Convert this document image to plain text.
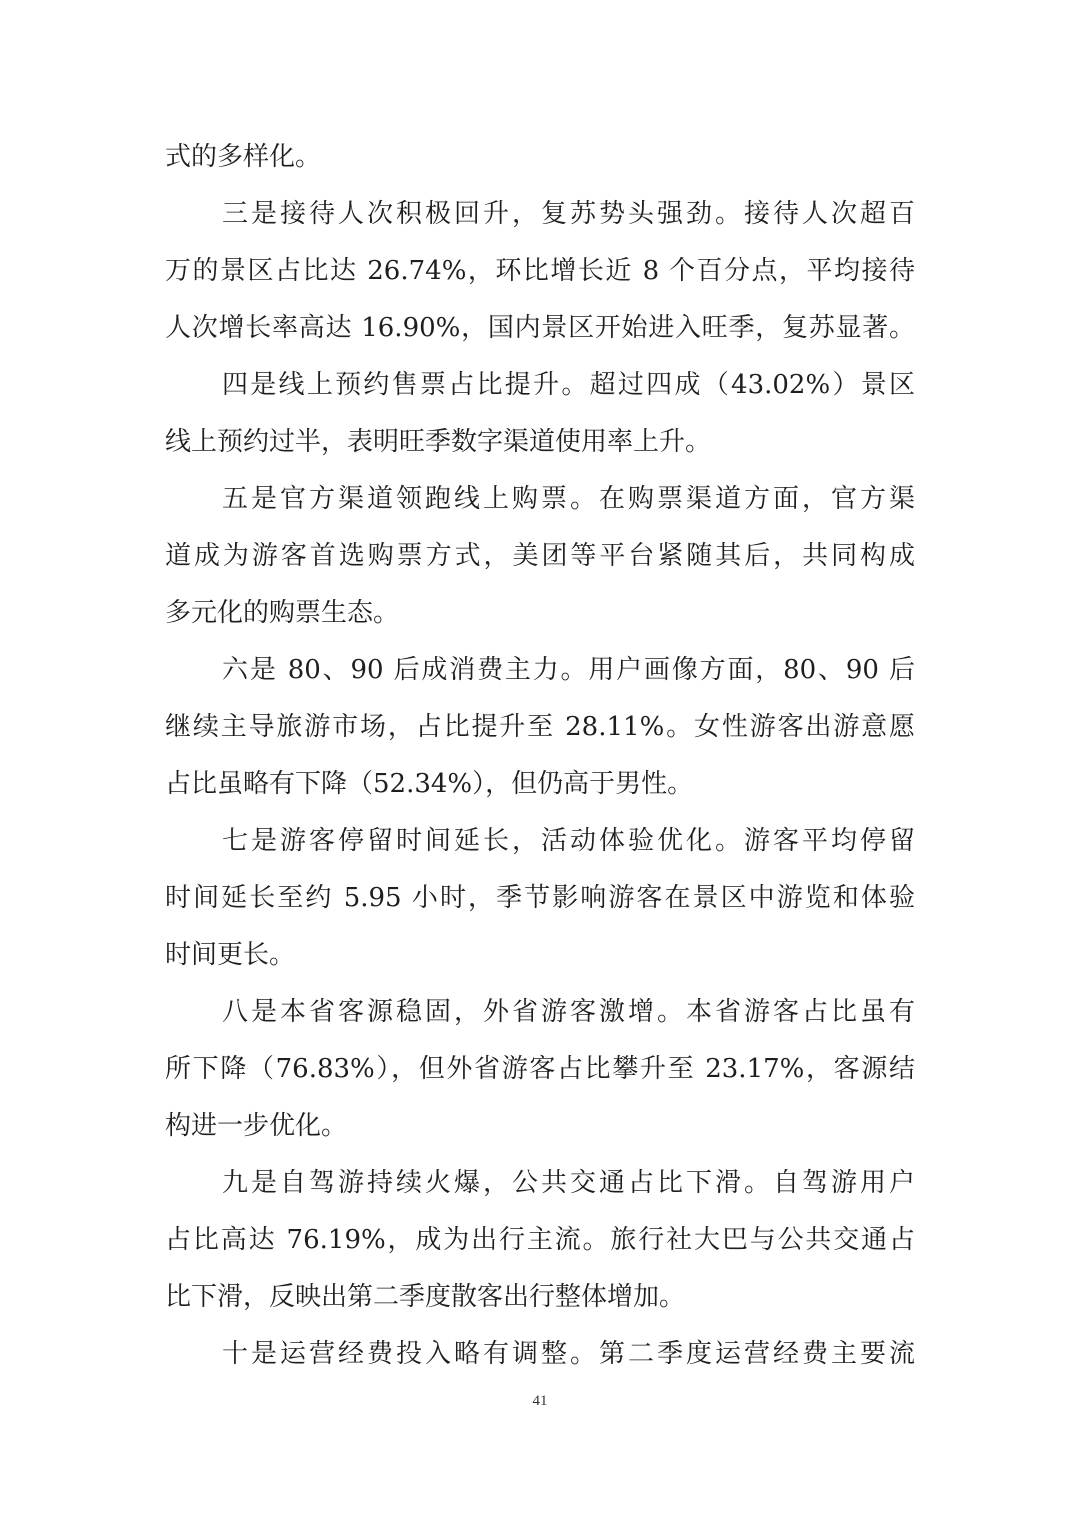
式的多样化。
三是接待人次积极回升，复苏势头强劲。接待人次超百
万的景区占比达 26.74%，环比增长近 8 个百分点，平均接待
人次增长率高达 16.90%，国内景区开始进入旺季，复苏显著。
四是线上预约售票占比提升。超过四成（43.02%）景区
线上预约过半，表明旺季数字渠道使用率上升。
五是官方渠道领跑线上购票。在购票渠道方面，官方渠
道成为游客首选购票方式，美团等平台紧随其后，共同构成
多元化的购票生态。
六是 80、90 后成消费主力。用户画像方面，80、90 后
继续主导旅游市场，占比提升至 28.11%。女性游客出游意愿
占比虽略有下降（52.34%），但仍高于男性。
七是游客停留时间延长，活动体验优化。游客平均停留
时间延长至约 5.95 小时，季节影响游客在景区中游览和体验
时间更长。
八是本省客源稳固，外省游客激增。本省游客占比虽有
所下降（76.83%），但外省游客占比攀升至 23.17%，客源结
构进一步优化。
九是自驾游持续火爆，公共交通占比下滑。自驾游用户
占比高达 76.19%，成为出行主流。旅行社大巴与公共交通占
比下滑，反映出第二季度散客出行整体增加。
十是运营经费投入略有调整。第二季度运营经费主要流
41
